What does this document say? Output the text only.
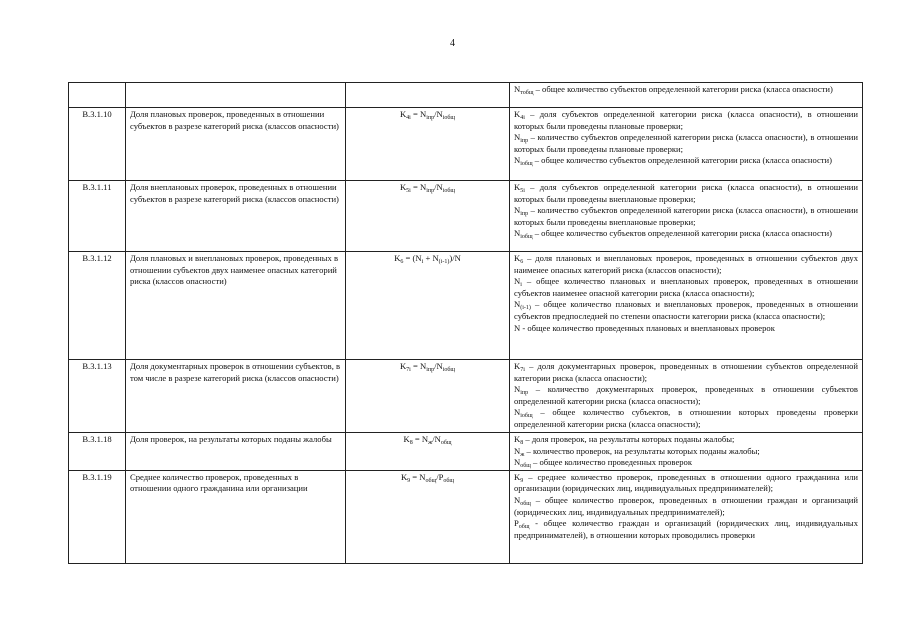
4

			$N_{тобщ}$ – общее количество субъектов определенной категории риска (класса опасности)

В.3.1.10	Доля плановых проверок, проведенных в отношении субъектов в разрезе категорий риска (классов опасности)	$K_{4i} = N_{iпр}/N_{iобщ}$	$K_{4i}$ – доля субъектов определенной категории риска (класса опасности), в отношении которых были проведены плановые проверки;
$N_{iпр}$ – количество субъектов определенной категории риска (класса опасности), в отношении которых были проведены плановые проверки;
$N_{iобщ}$ – общее количество субъектов определенной категории риска (класса опасности)

В.3.1.11	Доля внеплановых проверок, проведенных в отношении субъектов в разрезе категорий риска (классов опасности)	$K_{5i} = N_{iпр}/N_{iобщ}$	$K_{5i}$ – доля субъектов определенной категории риска (класса опасности), в отношении которых были проведены внеплановые проверки;
$N_{iпр}$ – количество субъектов определенной категории риска (класса опасности), в отношении которых были проведены внеплановые проверки;
$N_{iобщ}$ – общее количество субъектов определенной категории риска (класса опасности)

В.3.1.12	Доля плановых и внеплановых проверок, проведенных в отношении субъектов двух наименее опасных категорий риска (классов опасности)	$K_6 = (N_i + N_{(i-1)})/N$	$K_6$ – доля плановых и внеплановых проверок, проведенных в отношении субъектов двух наименее опасных категорий риска (классов опасности);
$N_i$ – общее количество плановых и внеплановых проверок, проведенных в отношении субъектов наименее опасной категории риска (класса опасности);
$N_{(i-1)}$ – общее количество плановых и внеплановых проверок, проведенных в отношении субъектов предпоследней по степени опасности категории риска (класса опасности);
N - общее количество проведенных плановых и внеплановых проверок

В.3.1.13	Доля документарных проверок в отношении субъектов, в том числе в разрезе категорий риска (классов опасности)	$K_{7i} = N_{iпр}/N_{iобщ}$	$K_{7i}$ – доля документарных проверок, проведенных в отношении субъектов определенной категории риска (класса опасности);
$N_{iпр}$ – количество документарных проверок, проведенных в отношении субъектов определенной категории риска (класса опасности);
$N_{iобщ}$ – общее количество субъектов, в отношении которых проведены проверки определенной категории риска (класса опасности);

В.3.1.18	Доля проверок, на результаты которых поданы жалобы	$K_8 = N_ж/N_{общ}$	$K_8$ – доля проверок, на результаты которых поданы жалобы;
$N_ж$ – количество проверок, на результаты которых поданы жалобы;
$N_{общ}$ – общее количество проведенных проверок

В.3.1.19	Среднее количество проверок, проведенных в отношении одного гражданина или организации	$K_9 = N_{общ}/P_{общ}$	$K_9$ – среднее количество проверок, проведенных в отношении одного гражданина или организации (юридических лиц, индивидуальных предпринимателей);
$N_{общ}$ – общее количество проверок, проведенных в отношении граждан и организаций (юридических лиц, индивидуальных предпринимателей);
$P_{общ}$ - общее количество граждан и организаций (юридических лиц, индивидуальных предпринимателей), в отношении которых проводились проверки
